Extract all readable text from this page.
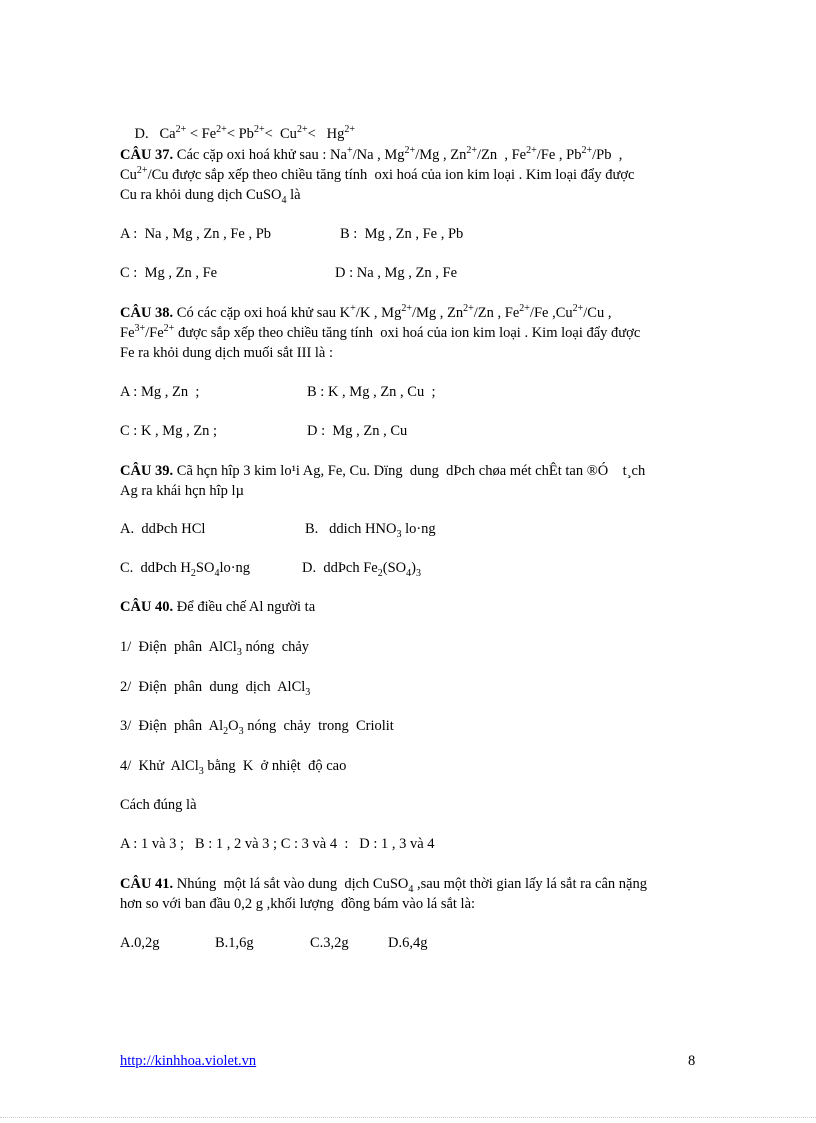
D. $Ca^{2+} < Fe^{2+}< Pb^{2+}< Cu^{2+}< Hg^{2+}$

CÂU 37. Các cặp oxi hoá khử sau : Na+/Na , $Mg^{2+}/Mg$ , $Zn^{2+}/Zn$  , $Fe^{2+}/Fe$ , $Pb^{2+}/Pb$  ,
$Cu^{2+}/Cu$ được sắp xếp theo chiều tăng tính  oxi hoá của ion kim loại . Kim loại đẩy được
Cu ra khỏi dung dịch CuSO$_4$ là
A :  Na , Mg , Zn , Fe , Pb	B :  Mg , Zn , Fe , Pb
C :  Mg , Zn , Fe	D : Na , Mg , Zn , Fe
CÂU 38. Có các cặp oxi hoá khử sau K+/K , $Mg^{2+}/Mg$ , $Zn^{2+}/Zn$ , $Fe^{2+}/Fe$ $,Cu^{2+}/Cu$ ,
$Fe^{3+}/Fe^{2+}$ được sắp xếp theo chiều tăng tính  oxi hoá của ion kim loại . Kim loại đẩy được
Fe ra khỏi dung dịch muối sắt III là :
A : Mg , Zn  ;	B : K , Mg , Zn , Cu  ;
C : K , Mg , Zn ;	D :  Mg , Zn , Cu
CÂU 39. Cã hçn hîp 3 kim lo¹i Ag, Fe, Cu. Dïng  dung  dÞch chøa mét chÊt tan ®Ó    t¸ch
Ag ra khái hçn hîp lµ
A.  ddÞch HCl	B.   ddich $HNO_3$ lo·ng
C.  ddÞch $H_2SO_4lo\cdot ng$	D.  ddÞch $Fe_2(SO_4)_3$
CÂU 40. Để điều chế Al người ta
1/  Điện  phân  AlCl$_3$ nóng  chảy
2/  Điện  phân  dung  dịch  AlCl$_3$
3/  Điện  phân  $Al_2O_3$ nóng  chảy  trong  Criolit
4/  Khử  AlCl$_3$ bằng  K  ở nhiệt  độ cao
Cách đúng là
A : 1 và 3 ;   B : 1 , 2 và 3 ; C : 3 và 4  :   D : 1 , 3 và 4
CÂU 41. Nhúng  một lá sắt vào dung  dịch CuSO$_4$ ,sau một thời gian lấy lá sắt ra cân nặng
hơn so với ban đầu 0,2 g ,khối lượng  đồng bám vào lá sắt là:
A.0,2g	B.1,6g	C.3,2g	D.6,4g
http://kinhhoa.violet.vn	8
